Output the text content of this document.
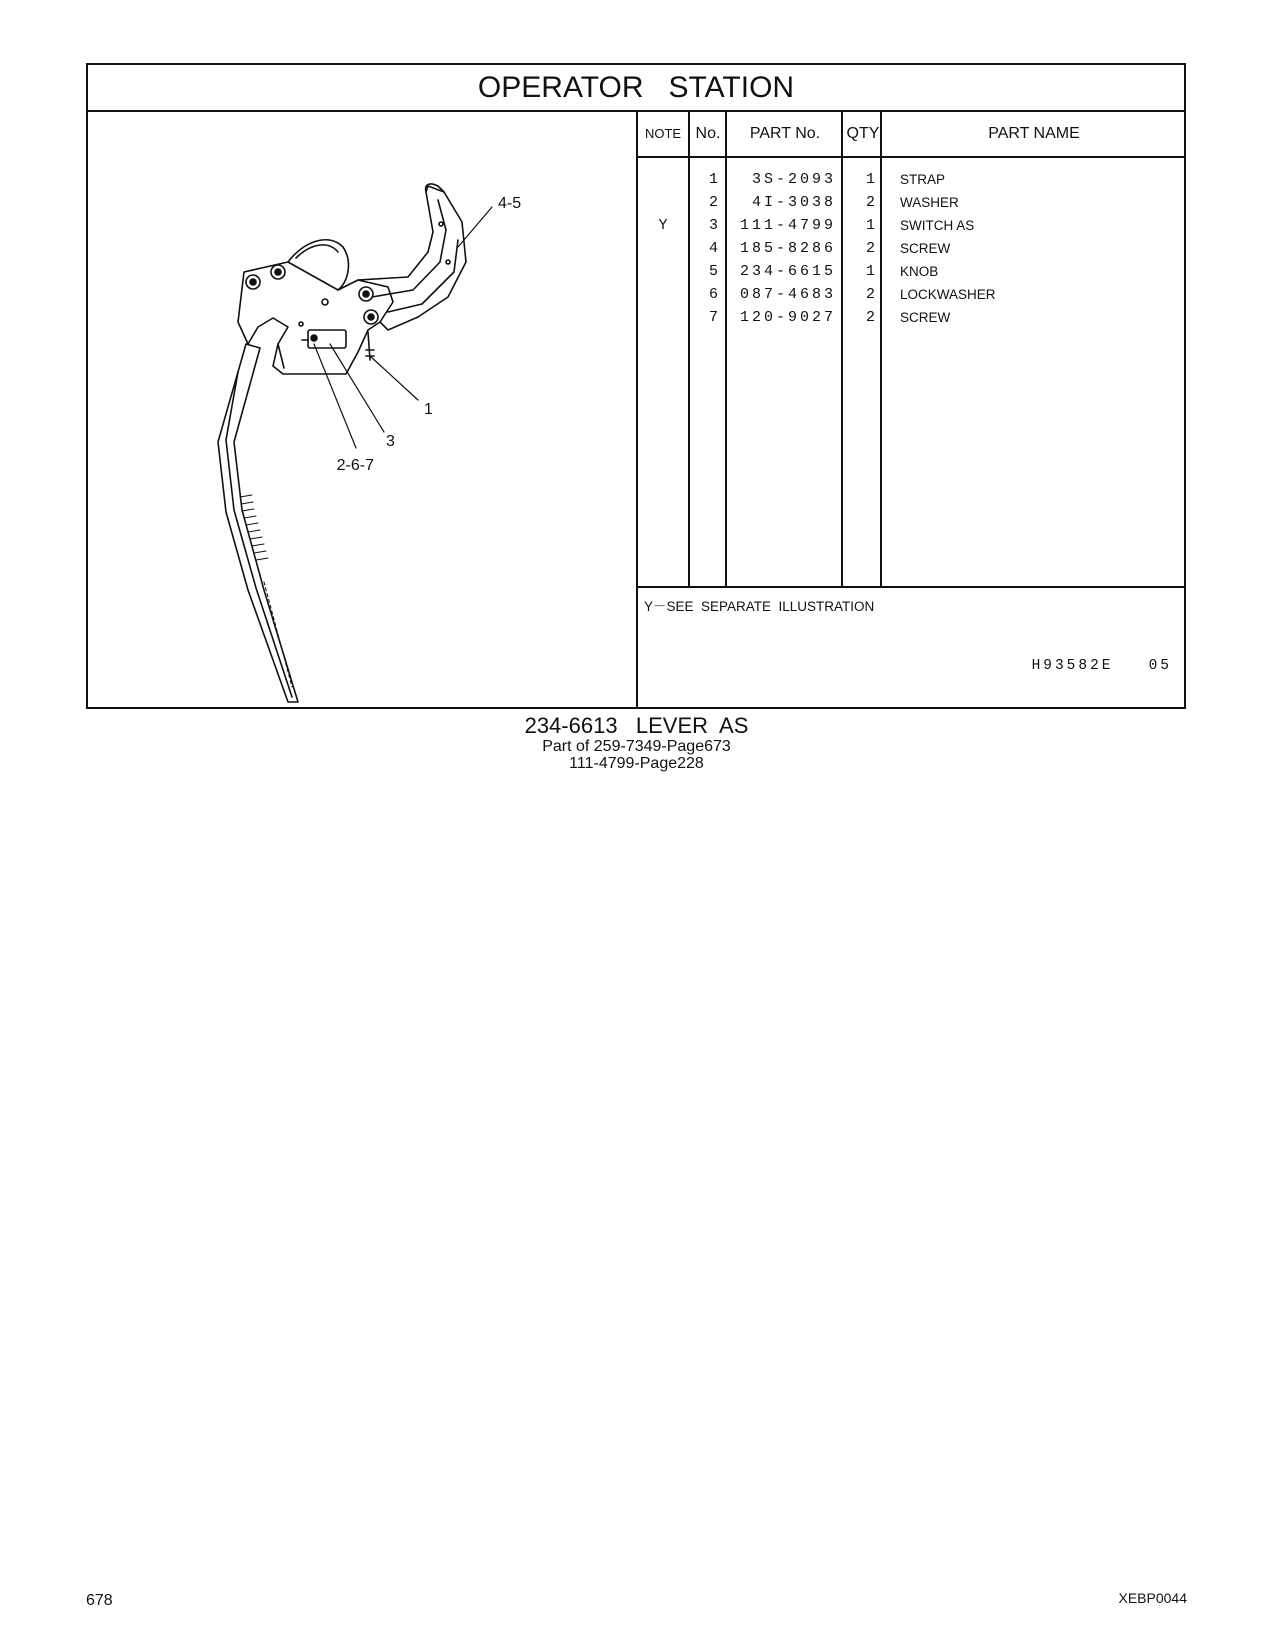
OPERATOR   STATION
4-5
1
3
2-6-7
NOTE No.	PART No.	QTY	PART NAME
1	3S-2093	1 STRAP
2	4I-3038	2 WASHER
Y	3 111-4799	1 SWITCH AS
4 185-8286	2 SCREW
5 234-6615	1 KNOB
6 087-4683	2 LOCKWASHER
7 120-9027	2 SCREW
Y－SEE  SEPARATE  ILLUSTRATION
H93582E   05
234-6613   LEVER  AS
Part of 259-7349-Page673
111-4799-Page228
678	XEBP0044
